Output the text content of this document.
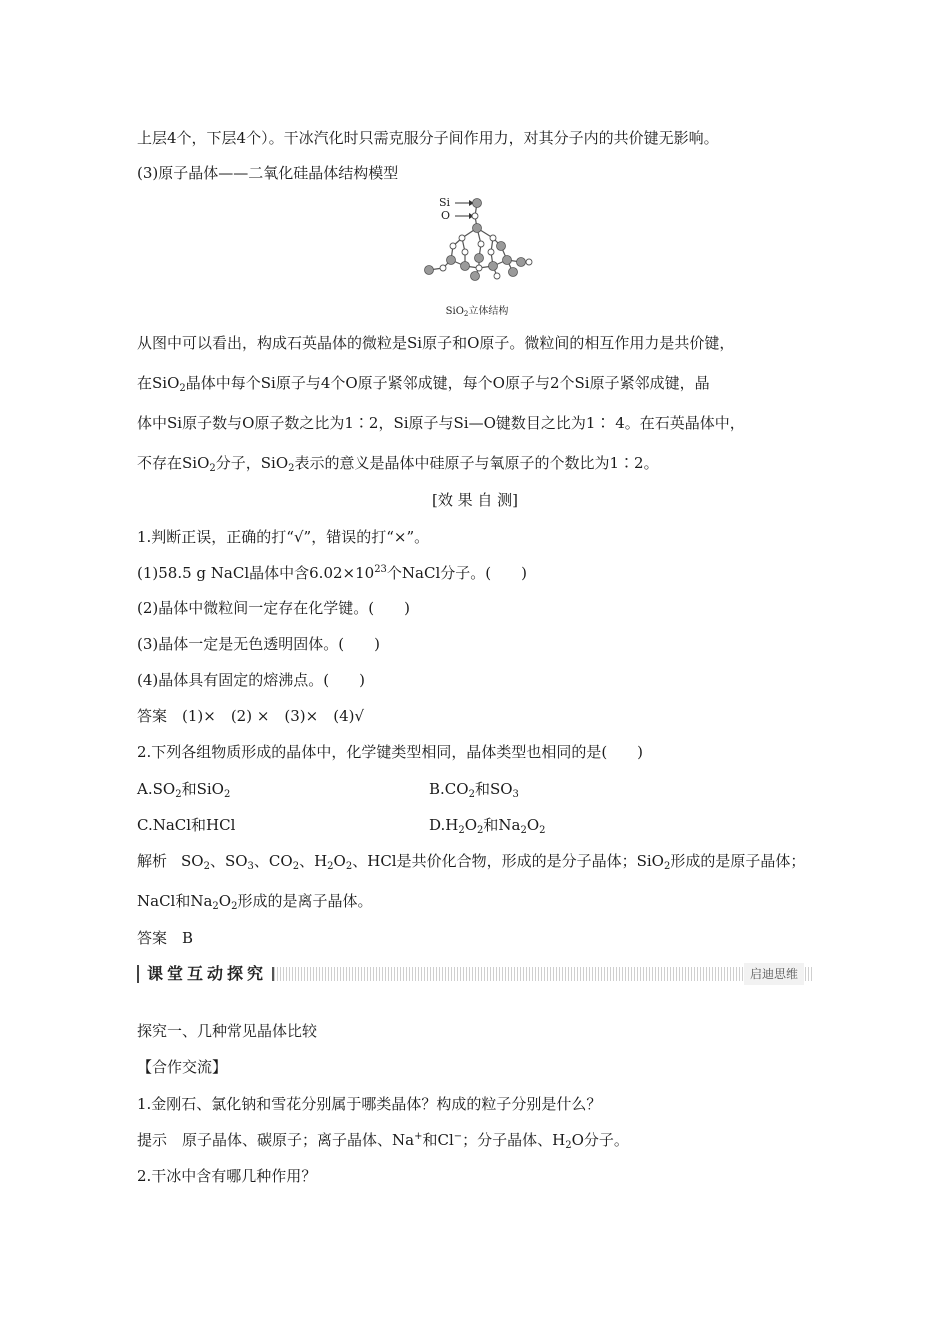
上层4个，下层4个）。干冰汽化时只需克服分子间作用力，对其分子内的共价键无影响。
(3)原子晶体——二氧化硅晶体结构模型
Si
O
SiO$_2$立体结构
从图中可以看出，构成石英晶体的微粒是Si原子和O原子。微粒间的相互作用力是共价键，
在SiO$_2$晶体中每个Si原子与4个O原子紧邻成键，每个O原子与2个Si原子紧邻成键，晶
体中Si原子数与O原子数之比为1∶2，Si原子与Si—O键数目之比为1∶ 4。在石英晶体中，
不存在SiO$_2$分子，SiO$_2$表示的意义是晶体中硅原子与氧原子的个数比为1∶2。
[效 果 自 测]
1.判断正误，正确的打“√”，错误的打“×”。
(1)58.5 g NaCl晶体中含$6.02\times 10^{23}$个NaCl分子。(　　)
(2)晶体中微粒间一定存在化学键。(　　)
(3)晶体一定是无色透明固体。(　　)
(4)晶体具有固定的熔沸点。(　　)
答案　(1)×　(2) ×　(3)×　(4)√
2.下列各组物质形成的晶体中，化学键类型相同，晶体类型也相同的是(　　)
$A.SO_2$和SiO$_2$	$B.CO_2$和$SO_3$
C.NaCl和HCl	$D.H_2O_2$和$Na_2O_2$
解析 $SO_2$、$SO_3$、$CO_2$、$H_2O_2$、HCl是共价化合物，形成的是分子晶体；SiO$_2$形成的是原子晶体；
NaCl和$Na_2O_2$形成的是离子晶体。
答案　B
课堂互动探究	启迪思维
探究一、几种常见晶体比较
【合作交流】
1.金刚石、氯化钠和雪花分别属于哪类晶体？构成的粒子分别是什么？
提示　原子晶体、碳原子；离子晶体、Na+和Cl−；分子晶体、$H_2O$分子。
2.干冰中含有哪几种作用？
